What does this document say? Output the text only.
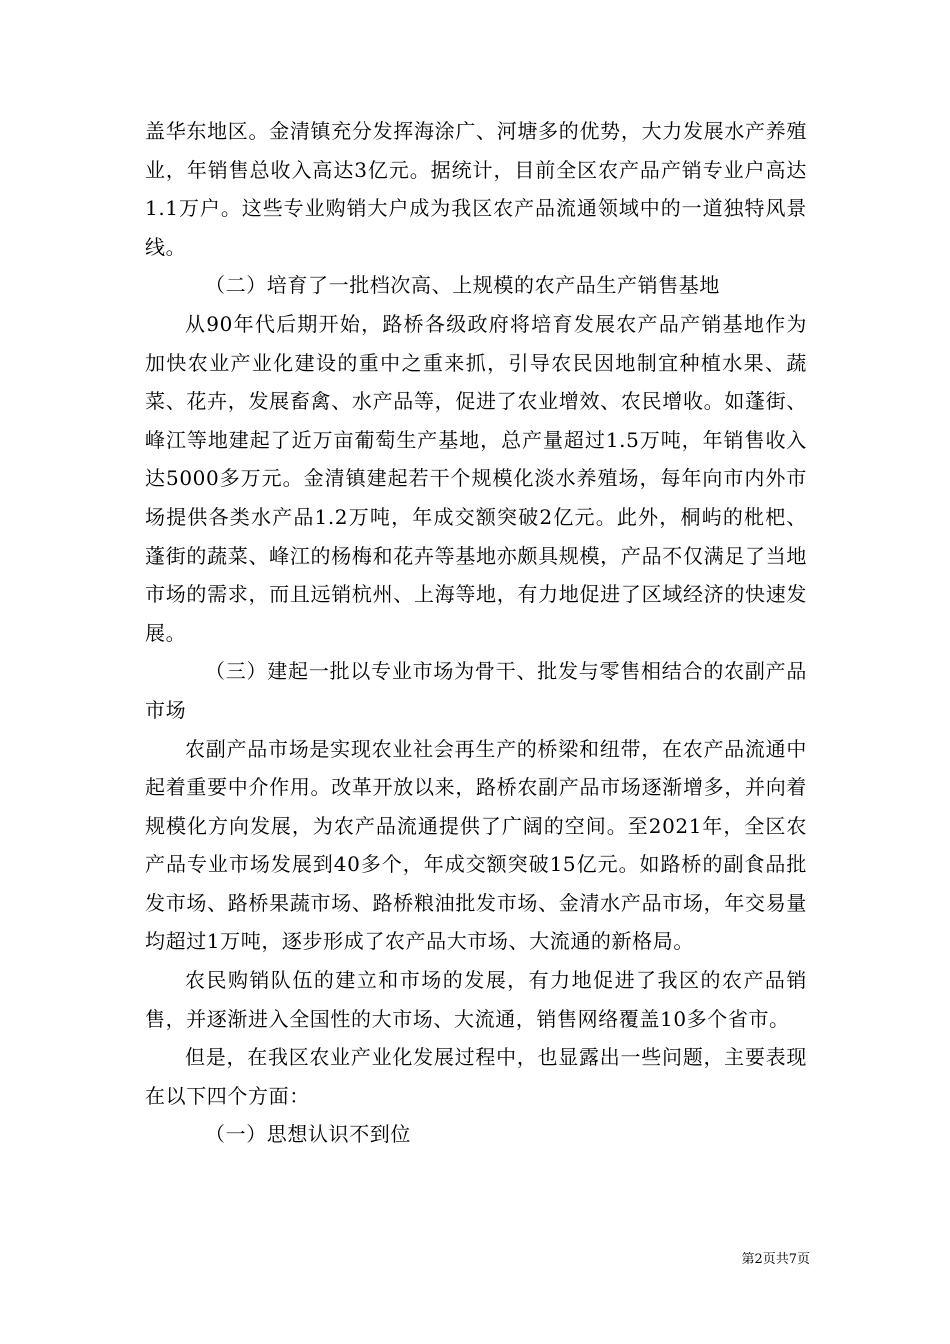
盖华东地区。金清镇充分发挥海涂广、河塘多的优势，大力发展水产养殖业，年销售总收入高达3亿元。据统计，目前全区农产品产销专业户高达1.1万户。这些专业购销大户成为我区农产品流通领域中的一道独特风景线。

（二）培育了一批档次高、上规模的农产品生产销售基地

从90年代后期开始，路桥各级政府将培育发展农产品产销基地作为加快农业产业化建设的重中之重来抓，引导农民因地制宜种植水果、蔬菜、花卉，发展畜禽、水产品等，促进了农业增效、农民增收。如蓬街、峰江等地建起了近万亩葡萄生产基地，总产量超过1.5万吨，年销售收入达5000多万元。金清镇建起若干个规模化淡水养殖场，每年向市内外市场提供各类水产品1.2万吨，年成交额突破2亿元。此外，桐屿的枇杷、蓬街的蔬菜、峰江的杨梅和花卉等基地亦颇具规模，产品不仅满足了当地市场的需求，而且远销杭州、上海等地，有力地促进了区域经济的快速发展。

（三）建起一批以专业市场为骨干、批发与零售相结合的农副产品市场

农副产品市场是实现农业社会再生产的桥梁和纽带，在农产品流通中起着重要中介作用。改革开放以来，路桥农副产品市场逐渐增多，并向着规模化方向发展，为农产品流通提供了广阔的空间。至2021年，全区农产品专业市场发展到40多个，年成交额突破15亿元。如路桥的副食品批发市场、路桥果蔬市场、路桥粮油批发市场、金清水产品市场，年交易量均超过1万吨，逐步形成了农产品大市场、大流通的新格局。

农民购销队伍的建立和市场的发展，有力地促进了我区的农产品销售，并逐渐进入全国性的大市场、大流通，销售网络覆盖10多个省市。

但是，在我区农业产业化发展过程中，也显露出一些问题，主要表现在以下四个方面：

（一）思想认识不到位

第2页共7页
